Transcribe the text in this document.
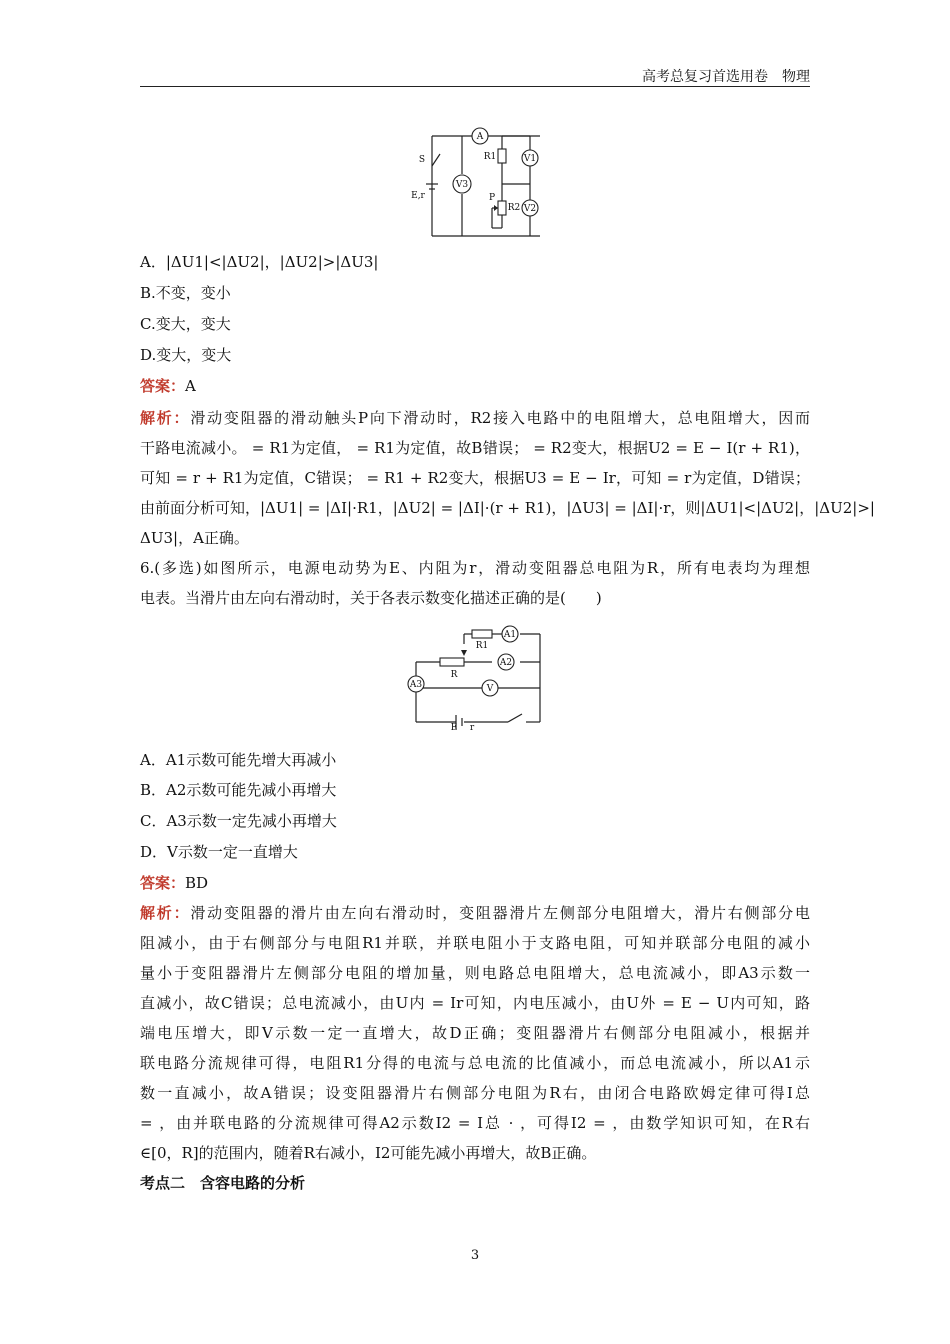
高考总复习首选用卷　物理
A
S	R1	V1
V3
E,r	P
R2 V2
A．|ΔU1|<|ΔU2|，|ΔU2|>|ΔU3|
B.不变，变小
C.变大，变大
D.变大，变大
答案：A
解析：滑动变阻器的滑动触头P向下滑动时，R2接入电路中的电阻增大，总电阻增大，因而
干路电流减小。 = R1为定值， = R1为定值，故B错误； = R2变大，根据U2 = E − I(r + R1)，
可知 = r + R1为定值，C错误； = R1 + R2变大，根据U3 = E − Ir，可知 = r为定值，D错误；
由前面分析可知，|ΔU1| = |ΔI|·R1，|ΔU2| = |ΔI|·(r + R1)，|ΔU3| = |ΔI|·r，则|ΔU1|<|ΔU2|，|ΔU2|>|
ΔU3|，A正确。
6.(多选)如图所示，电源电动势为E、内阻为r，滑动变阻器总电阻为R，所有电表均为理想
电表。当滑片由左向右滑动时，关于各表示数变化描述正确的是(　　)
A1
R1
A2
R
A3	V
E r
A．A1示数可能先增大再减小
B．A2示数可能先减小再增大
C．A3示数一定先减小再增大
D．V示数一定一直增大
答案：BD
解析：滑动变阻器的滑片由左向右滑动时，变阻器滑片左侧部分电阻增大，滑片右侧部分电
阻减小，由于右侧部分与电阻R1并联，并联电阻小于支路电阻，可知并联部分电阻的减小
量小于变阻器滑片左侧部分电阻的增加量，则电路总电阻增大，总电流减小，即A3示数一
直减小，故C错误；总电流减小，由U内 = Ir可知，内电压减小，由U外 = E − U内可知，路
端电压增大，即V示数一定一直增大，故D正确；变阻器滑片右侧部分电阻减小，根据并
联电路分流规律可得，电阻R1分得的电流与总电流的比值减小，而总电流减小，所以A1示
数一直减小，故A错误；设变阻器滑片右侧部分电阻为R右，由闭合电路欧姆定律可得I总
= ，由并联电路的分流规律可得A2示数I2 = I总 · ，可得I2 = ，由数学知识可知，在R右
∈[0，R]的范围内，随着R右减小，I2可能先减小再增大，故B正确。
考点二　含容电路的分析
3
